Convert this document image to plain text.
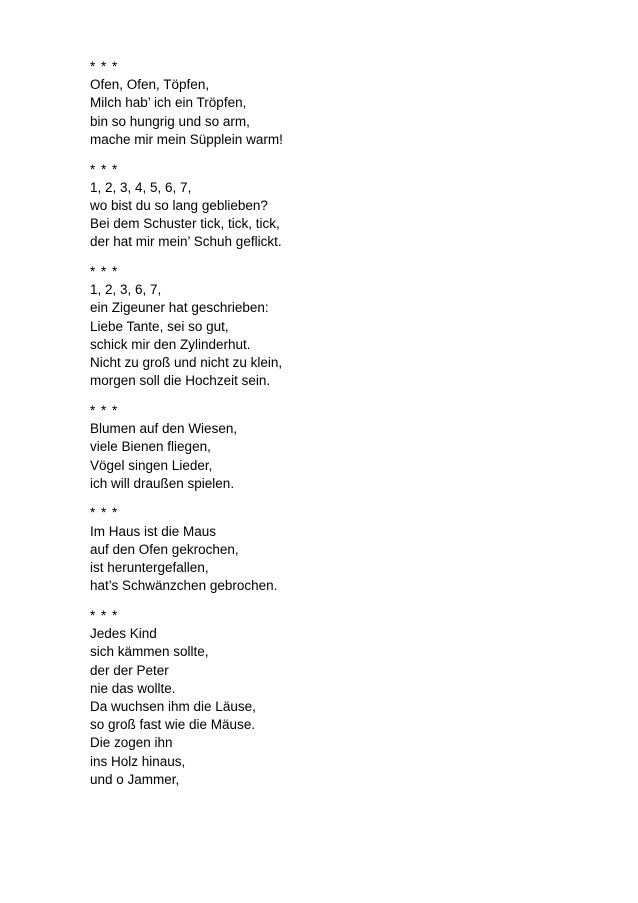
* * *
Ofen, Ofen, Töpfen,
Milch hab’ ich ein Tröpfen,
bin so hungrig und so arm,
mache mir mein Süpplein warm!
* * *
1, 2, 3, 4, 5, 6, 7,
wo bist du so lang geblieben?
Bei dem Schuster tick, tick, tick,
der hat mir mein’ Schuh geflickt.
* * *
1, 2, 3, 6, 7,
ein Zigeuner hat geschrieben:
Liebe Tante, sei so gut,
schick mir den Zylinderhut.
Nicht zu groß und nicht zu klein,
morgen soll die Hochzeit sein.
* * *
Blumen auf den Wiesen,
viele Bienen fliegen,
Vögel singen Lieder,
ich will draußen spielen.
* * *
Im Haus ist die Maus
auf den Ofen gekrochen,
ist heruntergefallen,
hat’s Schwänzchen gebrochen.
* * *
Jedes Kind
sich kämmen sollte,
der der Peter
nie das wollte.
Da wuchsen ihm die Läuse,
so groß fast wie die Mäuse.
Die zogen ihn
ins Holz hinaus,
und o Jammer,
